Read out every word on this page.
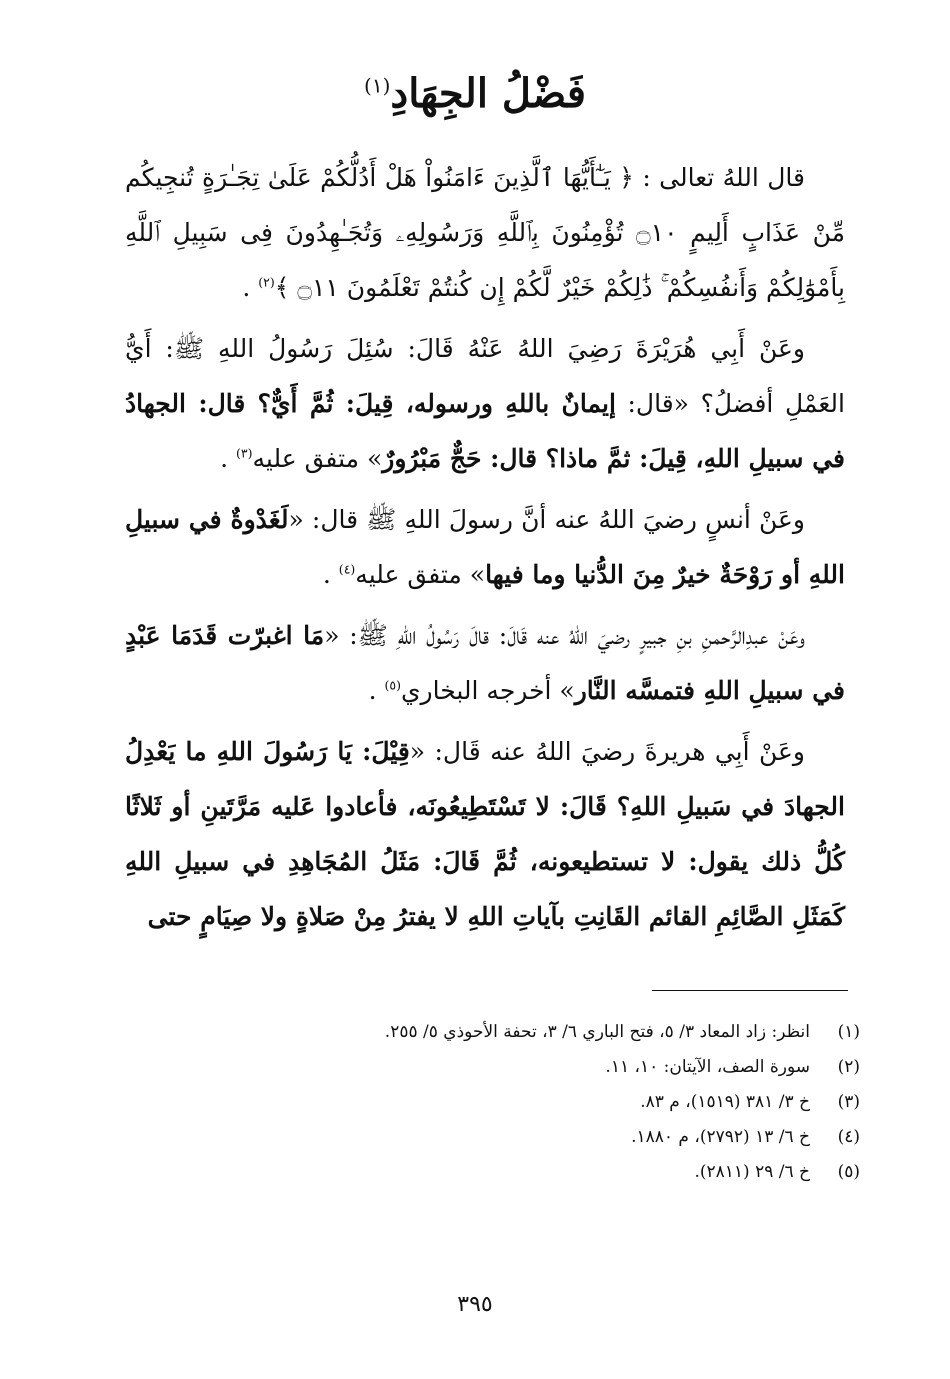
فَضْلُ الجِهَادِ$^{(١)}$

قال اللهُ تعالى : ﴿ يَـٰٓأَيُّهَا ٱلَّذِينَ ءَامَنُواْ هَلْ أَدُلُّكُمْ عَلَىٰ تِجَـٰرَةٍ تُنجِيكُم مِّنْ عَذَابٍ أَلِيمٍ ۝١٠ تُؤْمِنُونَ بِٱللَّهِ وَرَسُولِهِۦ وَتُجَـٰهِدُونَ فِى سَبِيلِ ٱللَّهِ بِأَمْوَٰلِكُمْ وَأَنفُسِكُمْ ۚ ذَٰلِكُمْ خَيْرٌ لَّكُمْ إِن كُنتُمْ تَعْلَمُونَ ۝١١ ﴾$^{(٢)}$ .

وعَنْ أَبِي هُرَيْرَةَ رَضِيَ اللهُ عَنْهُ قَالَ: سُئِلَ رَسُولُ اللهِ ﷺ: أَيُّ العَمْلِ أفضلُ؟ «قال: إيمانٌ باللهِ ورسوله، قِيلَ: ثُمَّ أَيٌّ؟ قال: الجهادُ في سبيلِ اللهِ، قِيلَ: ثمَّ ماذا؟ قال: حَجٌّ مَبْرُورٌ» متفق عليه$^{(٣)}$ .

وعَنْ أنسٍ رضيَ اللهُ عنه أنَّ رسولَ اللهِ ﷺ قال: «لَغَدْوةٌ في سبيلِ اللهِ أو رَوْحَةٌ خيرٌ مِنَ الدُّنيا وما فيها» متفق عليه$^{(٤)}$ .

وعَنْ عبدِالرَّحمنِ بنِ جبيرٍ رضيَ اللهُ عنه قَالَ: قالَ رَسُولُ اللهِ ﷺ: «مَا اغبرّت قَدَمَا عَبْدٍ في سبيلِ اللهِ فتمسَّه النَّار» أخرجه البخاري$^{(٥)}$ .

وعَنْ أَبِي هريرةَ رضيَ اللهُ عنه قَال: «قِيْلَ: يَا رَسُولَ اللهِ ما يَعْدِلُ الجهادَ في سَبيلِ اللهِ؟ قَالَ: لا تَسْتَطِيعُونَه، فأعادوا عَليه مَرَّتَينِ أو ثَلاثًا كُلُّ ذلك يقول: لا تستطيعونه، ثُمَّ قَالَ: مَثَلُ المُجَاهِدِ في سبيلِ اللهِ كَمَثَلِ الصَّائِمِ القائم القَانِتِ بآياتِ اللهِ لا يفترُ مِنْ صَلاةٍ ولا صِيَامٍ حتى

(١)
انظر: زاد المعاد ٣/ ٥، فتح الباري ٦/ ٣، تحفة الأحوذي ٥/ ٢٥٥.
(٢)
سورة الصف، الآيتان: ١٠، ١١.
(٣)
خ ٣/ ٣٨١ (١٥١٩)، م ٨٣.
(٤)
خ ٦/ ١٣ (٢٧٩٢)، م ١٨٨٠.
(٥)
خ ٦/ ٢٩ (٢٨١١).
٣٩٥
